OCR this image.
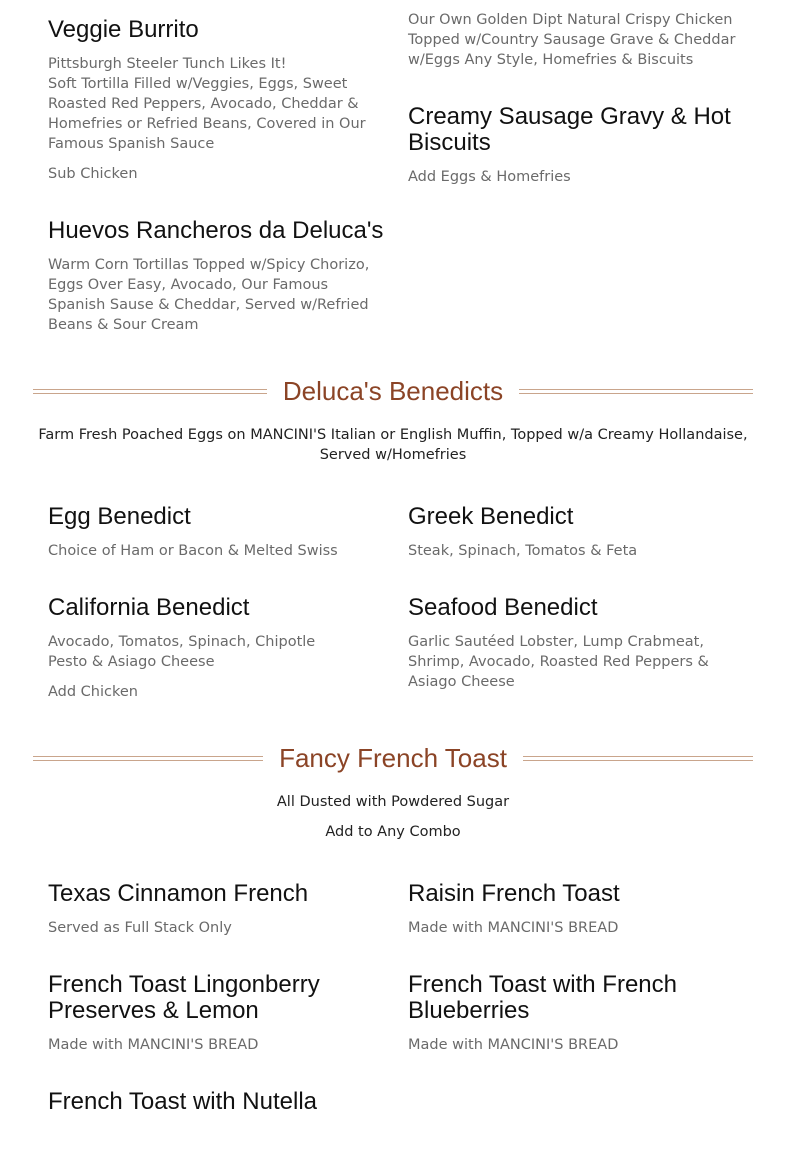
Veggie Burrito

Pittsburgh Steeler Tunch Likes It!
Soft Tortilla Filled w/Veggies, Eggs, Sweet Roasted Red Peppers, Avocado, Cheddar & Homefries or Refried Beans, Covered in Our Famous Spanish Sauce

Sub Chicken

Huevos Rancheros da Deluca's

Warm Corn Tortillas Topped w/Spicy Chorizo, Eggs Over Easy, Avocado, Our Famous Spanish Sause & Cheddar, Served w/Refried Beans & Sour Cream

Our Own Golden Dipt Natural Crispy Chicken Topped w/Country Sausage Grave & Cheddar w/Eggs Any Style, Homefries & Biscuits

Creamy Sausage Gravy & Hot Biscuits

Add Eggs & Homefries

Deluca's Benedicts

Farm Fresh Poached Eggs on MANCINI'S Italian or English Muffin, Topped w/a Creamy Hollandaise, Served w/Homefries

Egg Benedict

Choice of Ham or Bacon & Melted Swiss

Greek Benedict

Steak, Spinach, Tomatos & Feta

California Benedict

Avocado, Tomatos, Spinach, Chipotle Pesto & Asiago Cheese

Add Chicken

Seafood Benedict

Garlic Sautéed Lobster, Lump Crabmeat, Shrimp, Avocado, Roasted Red Peppers & Asiago Cheese

Fancy French Toast

All Dusted with Powdered Sugar

Add to Any Combo

Texas Cinnamon French

Served as Full Stack Only

Raisin French Toast

Made with MANCINI'S BREAD

French Toast Lingonberry Preserves & Lemon

Made with MANCINI'S BREAD

French Toast with French Blueberries

Made with MANCINI'S BREAD

French Toast with Nutella
